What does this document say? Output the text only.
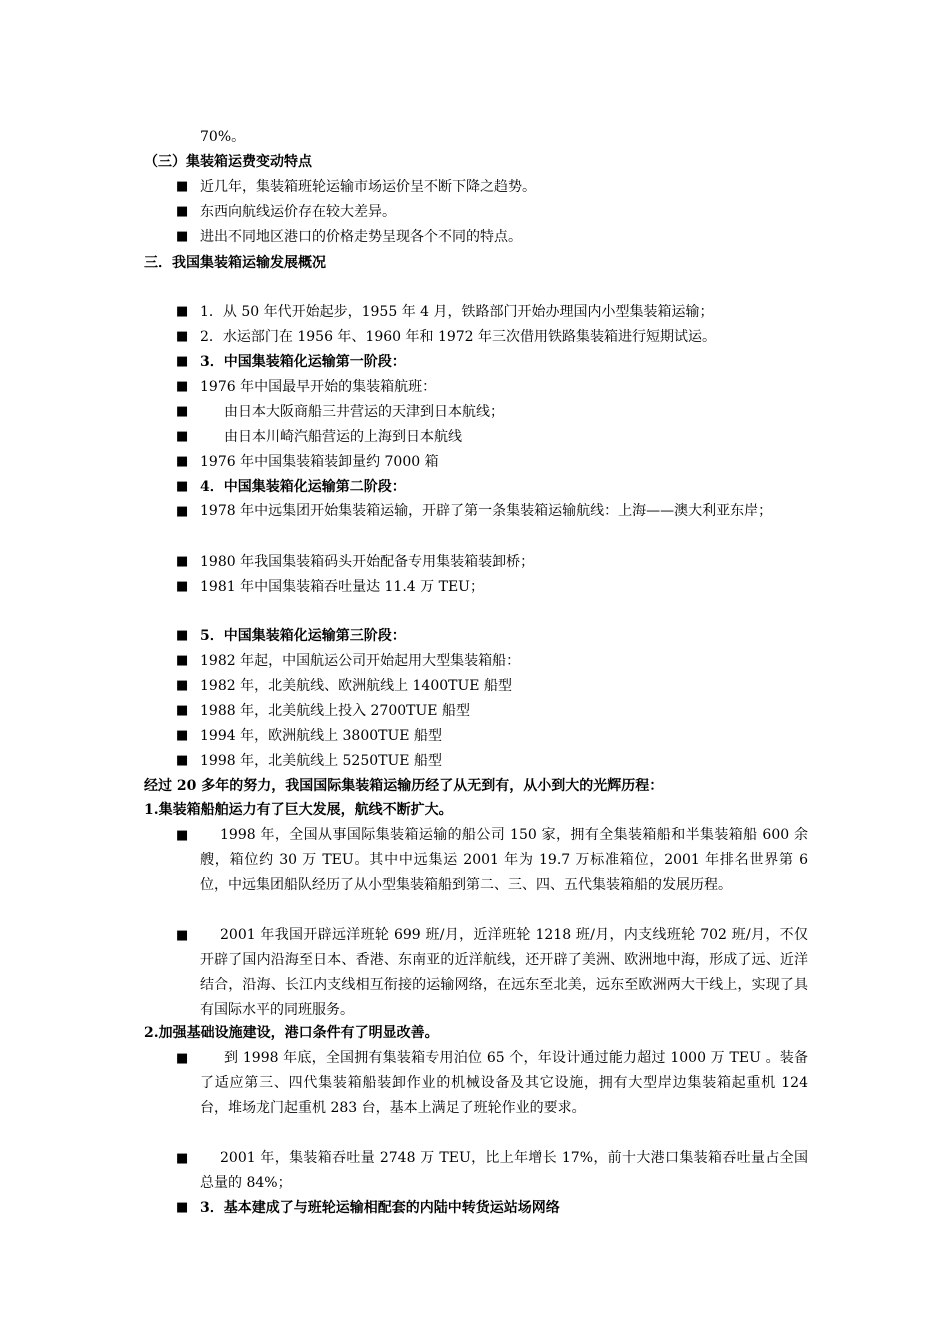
70%。
（三）集装箱运费变动特点
■ 近几年，集装箱班轮运输市场运价呈不断下降之趋势。
■ 东西向航线运价存在较大差异。
■ 进出不同地区港口的价格走势呈现各个不同的特点。
三．我国集装箱运输发展概况
■ 1．从 50 年代开始起步，1955 年 4 月，铁路部门开始办理国内小型集装箱运输；
■ 2．水运部门在 1956 年、1960 年和 1972 年三次借用铁路集装箱进行短期试运。
■ 3．中国集装箱化运输第一阶段：
■ 1976 年中国最早开始的集装箱航班：
■	由日本大阪商船三井营运的天津到日本航线；
■	由日本川崎汽船营运的上海到日本航线
■ 1976 年中国集装箱装卸量约 7000 箱
■ 4．中国集装箱化运输第二阶段：
■ 1978 年中远集团开始集装箱运输，开辟了第一条集装箱运输航线：上海——澳大利亚东岸；
■ 1980 年我国集装箱码头开始配备专用集装箱装卸桥；
■ 1981 年中国集装箱吞吐量达 11.4 万 TEU；
■ 5．中国集装箱化运输第三阶段：
■ 1982 年起，中国航运公司开始起用大型集装箱船：
■ 1982 年，北美航线、欧洲航线上 1400TUE 船型
■ 1988 年，北美航线上投入 2700TUE 船型
■ 1994 年，欧洲航线上 3800TUE 船型
■ 1998 年，北美航线上 5250TUE 船型
经过 20 多年的努力，我国国际集装箱运输历经了从无到有，从小到大的光辉历程：
1.集装箱船舶运力有了巨大发展，航线不断扩大。
■	1998 年，全国从事国际集装箱运输的船公司 150 家，拥有全集装箱船和半集装箱船 600 余艘，箱位约 30 万 TEU。其中中远集运 2001 年为 19.7 万标准箱位，2001 年排名世界第 6 位，中远集团船队经历了从小型集装箱船到第二、三、四、五代集装箱船的发展历程。
■	2001 年我国开辟远洋班轮 699 班/月，近洋班轮 1218 班/月，内支线班轮 702 班/月，不仅开辟了国内沿海至日本、香港、东南亚的近洋航线，还开辟了美洲、欧洲地中海，形成了远、近洋结合，沿海、长江内支线相互衔接的运输网络，在远东至北美，远东至欧洲两大干线上，实现了具有国际水平的同班服务。
2.加强基础设施建设，港口条件有了明显改善。
■	到 1998 年底，全国拥有集装箱专用泊位 65 个，年设计通过能力超过 1000 万 TEU 。装备了适应第三、四代集装箱船装卸作业的机械设备及其它设施，拥有大型岸边集装箱起重机 124 台，堆场龙门起重机 283 台，基本上满足了班轮作业的要求。
■	2001 年，集装箱吞吐量 2748 万 TEU，比上年增长 17%，前十大港口集装箱吞吐量占全国总量的 84%；
■ 3．基本建成了与班轮运输相配套的内陆中转货运站场网络
